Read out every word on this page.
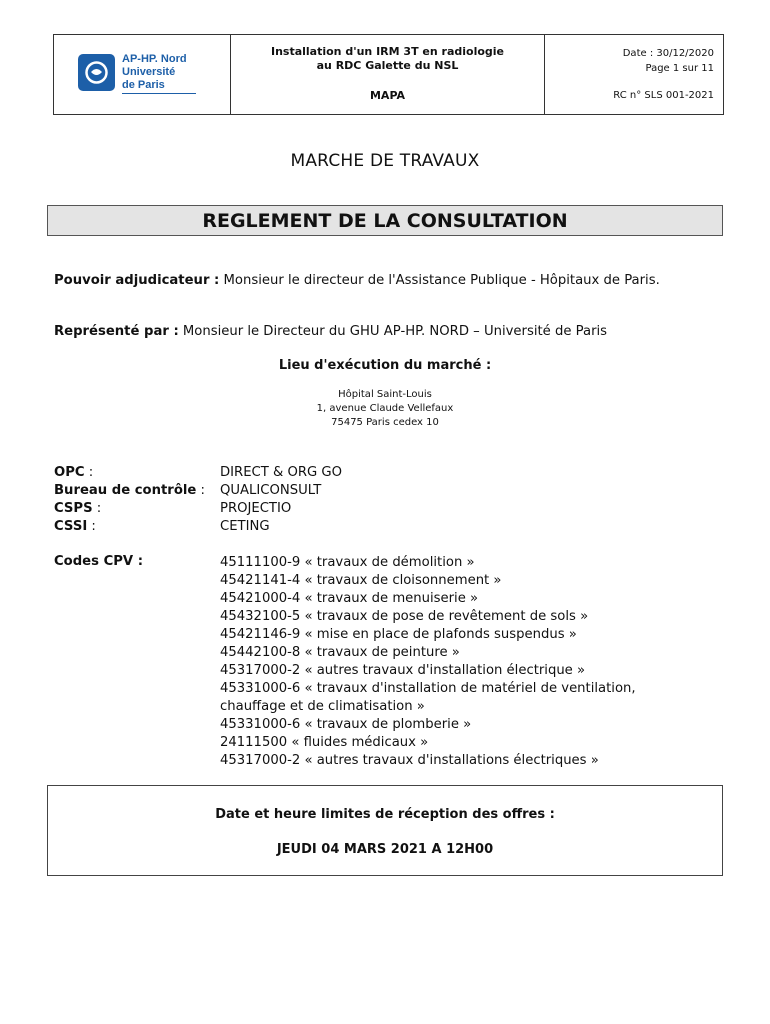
AP-HP. Nord
Université
de Paris
Installation d'un IRM 3T en radiologie
au RDC Galette du NSL
MAPA
Date : 30/12/2020
Page 1 sur 11
RC n° SLS 001-2021
MARCHE DE TRAVAUX
REGLEMENT DE LA CONSULTATION
Pouvoir adjudicateur : Monsieur le directeur de l'Assistance Publique - Hôpitaux de Paris.
Représenté par : Monsieur le Directeur du GHU AP-HP. NORD – Université de Paris
Lieu d'exécution du marché :
Hôpital Saint-Louis
1, avenue Claude Vellefaux
75475 Paris cedex 10
OPC :	DIRECT & ORG GO
Bureau de contrôle : QUALICONSULT
CSPS :	PROJECTIO
CSSI :	CETING
Codes CPV :	45111100-9 « travaux de démolition »
45421141-4 « travaux de cloisonnement »
45421000-4 « travaux de menuiserie »
45432100-5 « travaux de pose de revêtement de sols »
45421146-9 « mise en place de plafonds suspendus »
45442100-8 « travaux de peinture »
45317000-2 « autres travaux d'installation électrique »
45331000-6 « travaux d'installation de matériel de ventilation,
chauffage et de climatisation »
45331000-6 « travaux de plomberie »
24111500 « fluides médicaux »
45317000-2 « autres travaux d'installations électriques »
Date et heure limites de réception des offres :
JEUDI 04 MARS 2021 A 12H00
